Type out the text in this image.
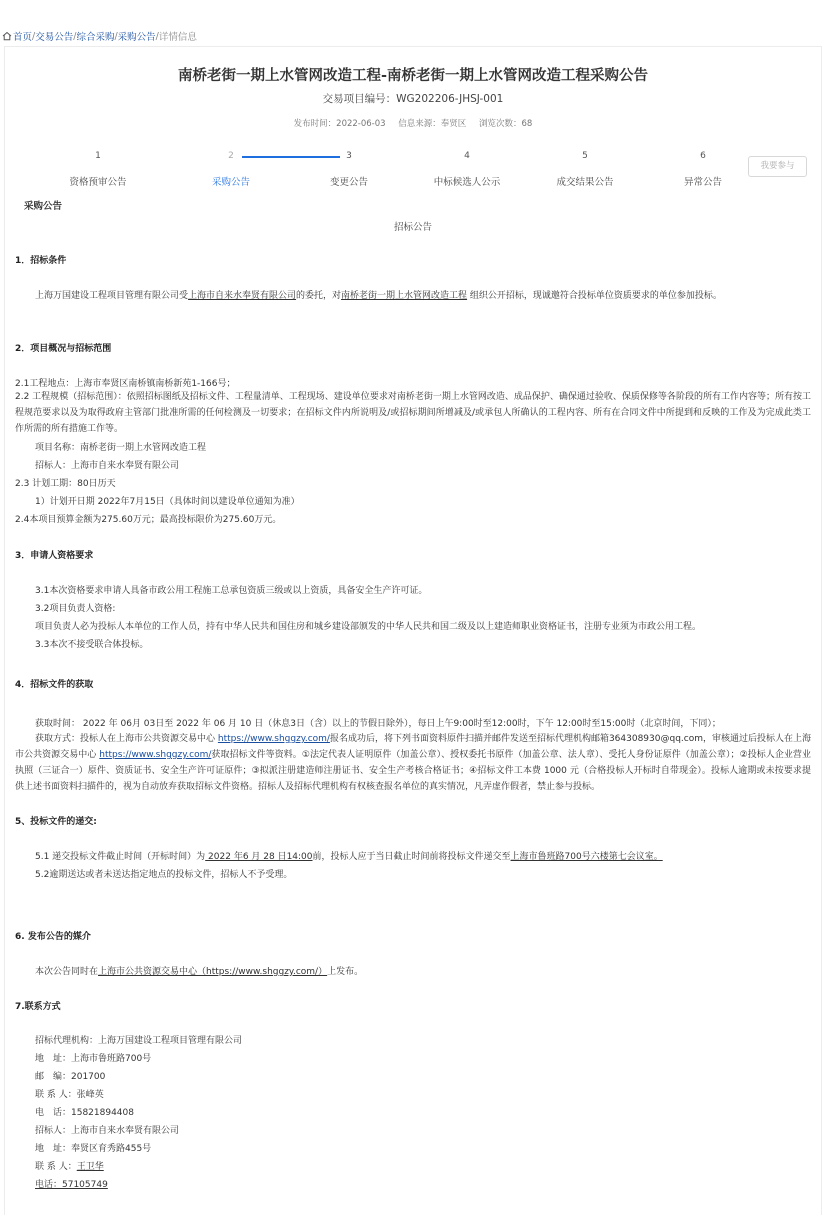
首页 / 交易公告 / 综合采购 / 采购公告 / 详情信息
南桥老街一期上水管网改造工程-南桥老街一期上水管网改造工程采购公告
交易项目编号：WG202206-JHSJ-001
发布时间：2022-06-03 信息来源：奉贤区 浏览次数：68
1	2	3	4	5	6
资格预审公告	采购公告	变更公告	中标候选人公示	成交结果公告	异常公告
我要参与
采购公告
招标公告
1．招标条件
上海万国建设工程项目管理有限公司受上海市自来水奉贤有限公司的委托，对南桥老街一期上水管网改造工程 组织公开招标，现诚邀符合投标单位资质要求的单位参加投标。
2．项目概况与招标范围
2.1工程地点：上海市奉贤区南桥镇南桥新苑1-166号；
2.2 工程规模（招标范围）：依照招标图纸及招标文件、工程量清单、工程现场、建设单位要求对南桥老街一期上水管网改造、成品保护、确保通过验收、保质保修等各阶段的所有工作内容等；所有按工程规范要求以及为取得政府主管部门批准所需的任何检测及一切要求；在招标文件内所说明及/或招标期间所增减及/或承包人所确认的工程内容、所有在合同文件中所提到和反映的工作及为完成此类工作所需的所有措施工作等。
项目名称：南桥老街一期上水管网改造工程
招标人：上海市自来水奉贤有限公司
2.3 计划工期：80日历天
1）计划开日期 2022年7月15日（具体时间以建设单位通知为准）
2.4本项目预算金额为275.60万元；最高投标限价为275.60万元。
3．申请人资格要求
3.1本次资格要求申请人具备市政公用工程施工总承包资质三级或以上资质，具备安全生产许可证。
3.2项目负责人资格:
项目负责人必为投标人本单位的工作人员，持有中华人民共和国住房和城乡建设部颁发的中华人民共和国二级及以上建造师职业资格证书，注册专业须为市政公用工程。
3.3本次不接受联合体投标。
4．招标文件的获取
获取时间： 2022 年 06月 03日至 2022 年 06 月 10 日（休息3日（含）以上的节假日除外），每日上午9:00时至12:00时，下午 12:00时至15:00时（北京时间，下同）；
获取方式：投标人在上海市公共资源交易中心 https://www.shggzy.com/报名成功后，将下列书面资料原件扫描并邮件发送至招标代理机构邮箱364308930@qq.com，审核通过后投标人在上海市公共资源交易中心 https://www.shggzy.com/获取招标文件等资料。①法定代表人证明原件（加盖公章）、授权委托书原件（加盖公章、法人章）、受托人身份证原件（加盖公章）；②投标人企业营业执照（三证合一）原件、资质证书、安全生产许可证原件；③拟派注册建造师注册证书、安全生产考核合格证书；④招标文件工本费 1000 元（合格投标人开标时自带现金）。投标人逾期或未按要求提供上述书面资料扫描件的，视为自动放弃获取招标文件资格。招标人及招标代理机构有权核查报名单位的真实情况，凡弄虚作假者，禁止参与投标。
5、投标文件的递交:
5.1 递交投标文件截止时间（开标时间）为 2022 年6 月 28 日14:00前，投标人应于当日截止时间前将投标文件递交至上海市鲁班路700号六楼第七会议室。
5.2逾期送达或者未送达指定地点的投标文件，招标人不予受理。
6. 发布公告的媒介
本次公告同时在上海市公共资源交易中心（https://www.shggzy.com/）上发布。
7.联系方式
招标代理机构：上海万国建设工程项目管理有限公司
地　址：上海市鲁班路700号
邮　编：201700
联 系 人：张峰英
电　话：15821894408
招标人：上海市自来水奉贤有限公司
地　址：奉贤区育秀路455号
联 系 人：王卫华
电话：57105749
